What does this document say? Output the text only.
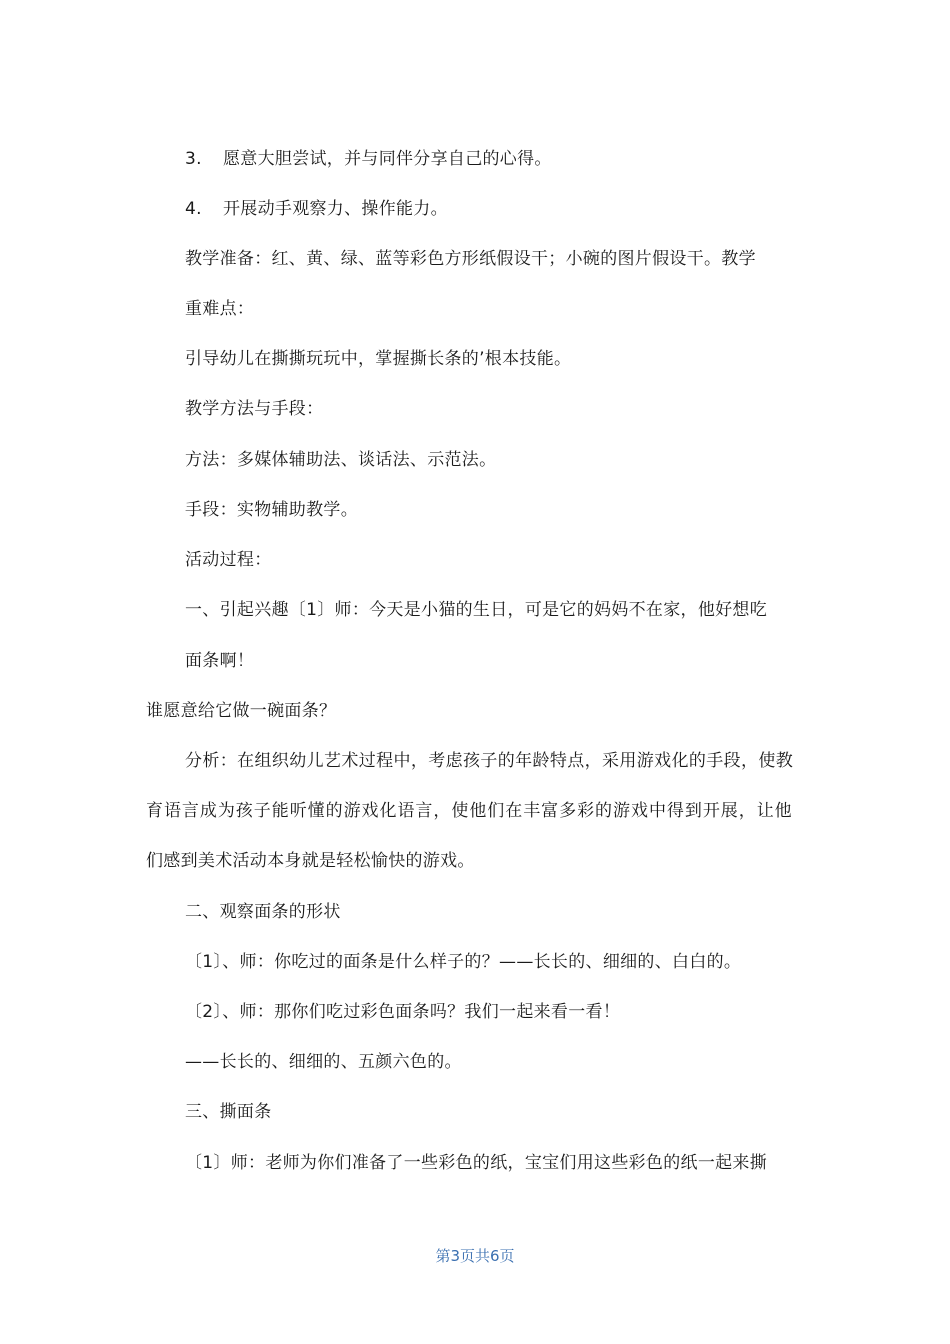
3. 愿意大胆尝试，并与同伴分享自己的心得。
4. 开展动手观察力、操作能力。
教学准备：红、黄、绿、蓝等彩色方形纸假设干；小碗的图片假设干。教学
重难点：
引导幼儿在撕撕玩玩中，掌握撕长条的’根本技能。
教学方法与手段：
方法：多媒体辅助法、谈话法、示范法。
手段：实物辅助教学。
活动过程：
一、引起兴趣〔1〕师：今天是小猫的生日，可是它的妈妈不在家，他好想吃
面条啊！
谁愿意给它做一碗面条？
分析：在组织幼儿艺术过程中，考虑孩子的年龄特点，采用游戏化的手段，使教
育语言成为孩子能听懂的游戏化语言，使他们在丰富多彩的游戏中得到开展，让他
们感到美术活动本身就是轻松愉快的游戏。
二、观察面条的形状
〔1〕、师：你吃过的面条是什么样子的？——长长的、细细的、白白的。
〔2〕、师：那你们吃过彩色面条吗？我们一起来看一看！
——长长的、细细的、五颜六色的。
三、撕面条
〔1〕师：老师为你们准备了一些彩色的纸，宝宝们用这些彩色的纸一起来撕
第3页共6页
